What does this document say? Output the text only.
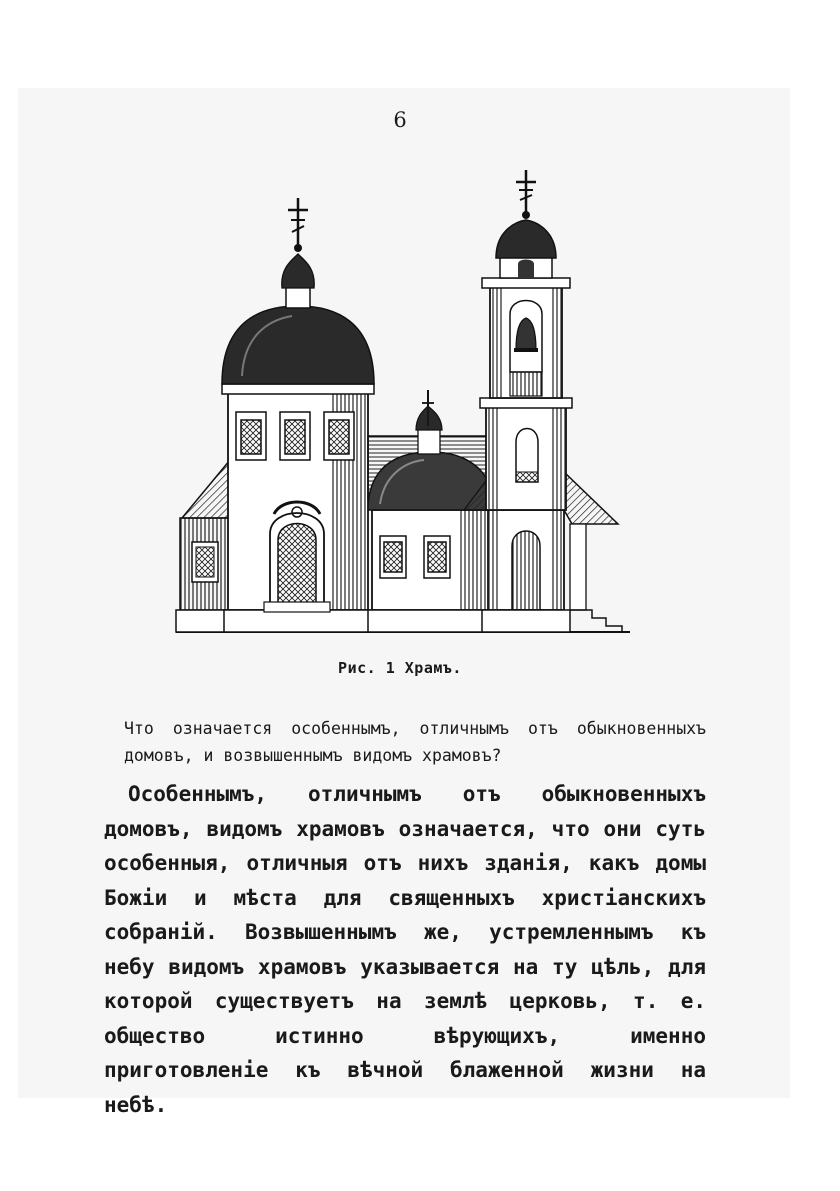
6
Рис. 1 Храмъ.

Что означается особеннымъ, отличнымъ отъ обыкновенныхъ домовъ, и возвышеннымъ видомъ храмовъ?

Особеннымъ, отличнымъ отъ обыкновенныхъ домовъ, видомъ храмовъ означается, что они суть особенныя, отличныя отъ нихъ зданія, какъ домы Божіи и мѣста для священныхъ христіанскихъ собраній. Возвышеннымъ же, устремленнымъ къ небу видомъ храмовъ указывается на ту цѣль, для которой существуетъ на землѣ церковь, т. е. общество истинно вѣрующихъ, именно приготовленіе къ вѣчной блаженной жизни на небѣ.
